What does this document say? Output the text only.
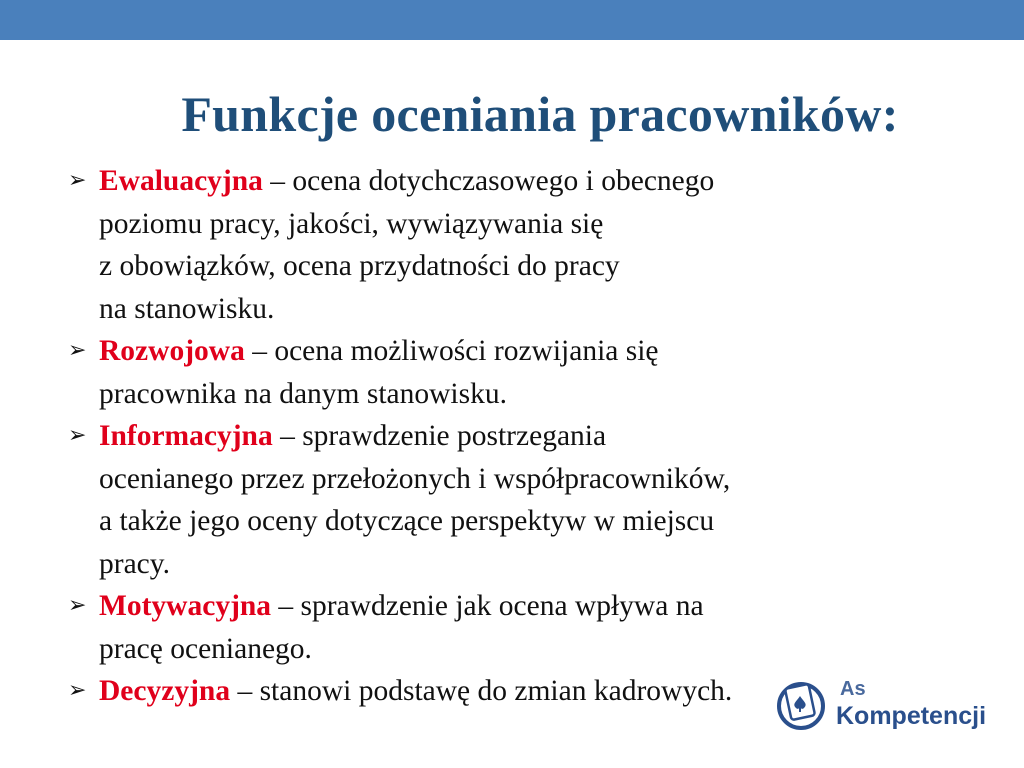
Funkcje oceniania pracowników:
➢ Ewaluacyjna – ocena dotychczasowego i obecnego
poziomu pracy, jakości, wywiązywania się
z obowiązków, ocena przydatności do pracy
na stanowisku.
➢ Rozwojowa – ocena możliwości rozwijania się
pracownika na danym stanowisku.
➢ Informacyjna – sprawdzenie postrzegania
ocenianego przez przełożonych i współpracowników,
a także jego oceny dotyczące perspektyw w miejscu
pracy.
➢ Motywacyjna – sprawdzenie jak ocena wpływa na
pracę ocenianego.
➢ Decyzyjna – stanowi podstawę do zmian kadrowych.	As
Kompetencji
